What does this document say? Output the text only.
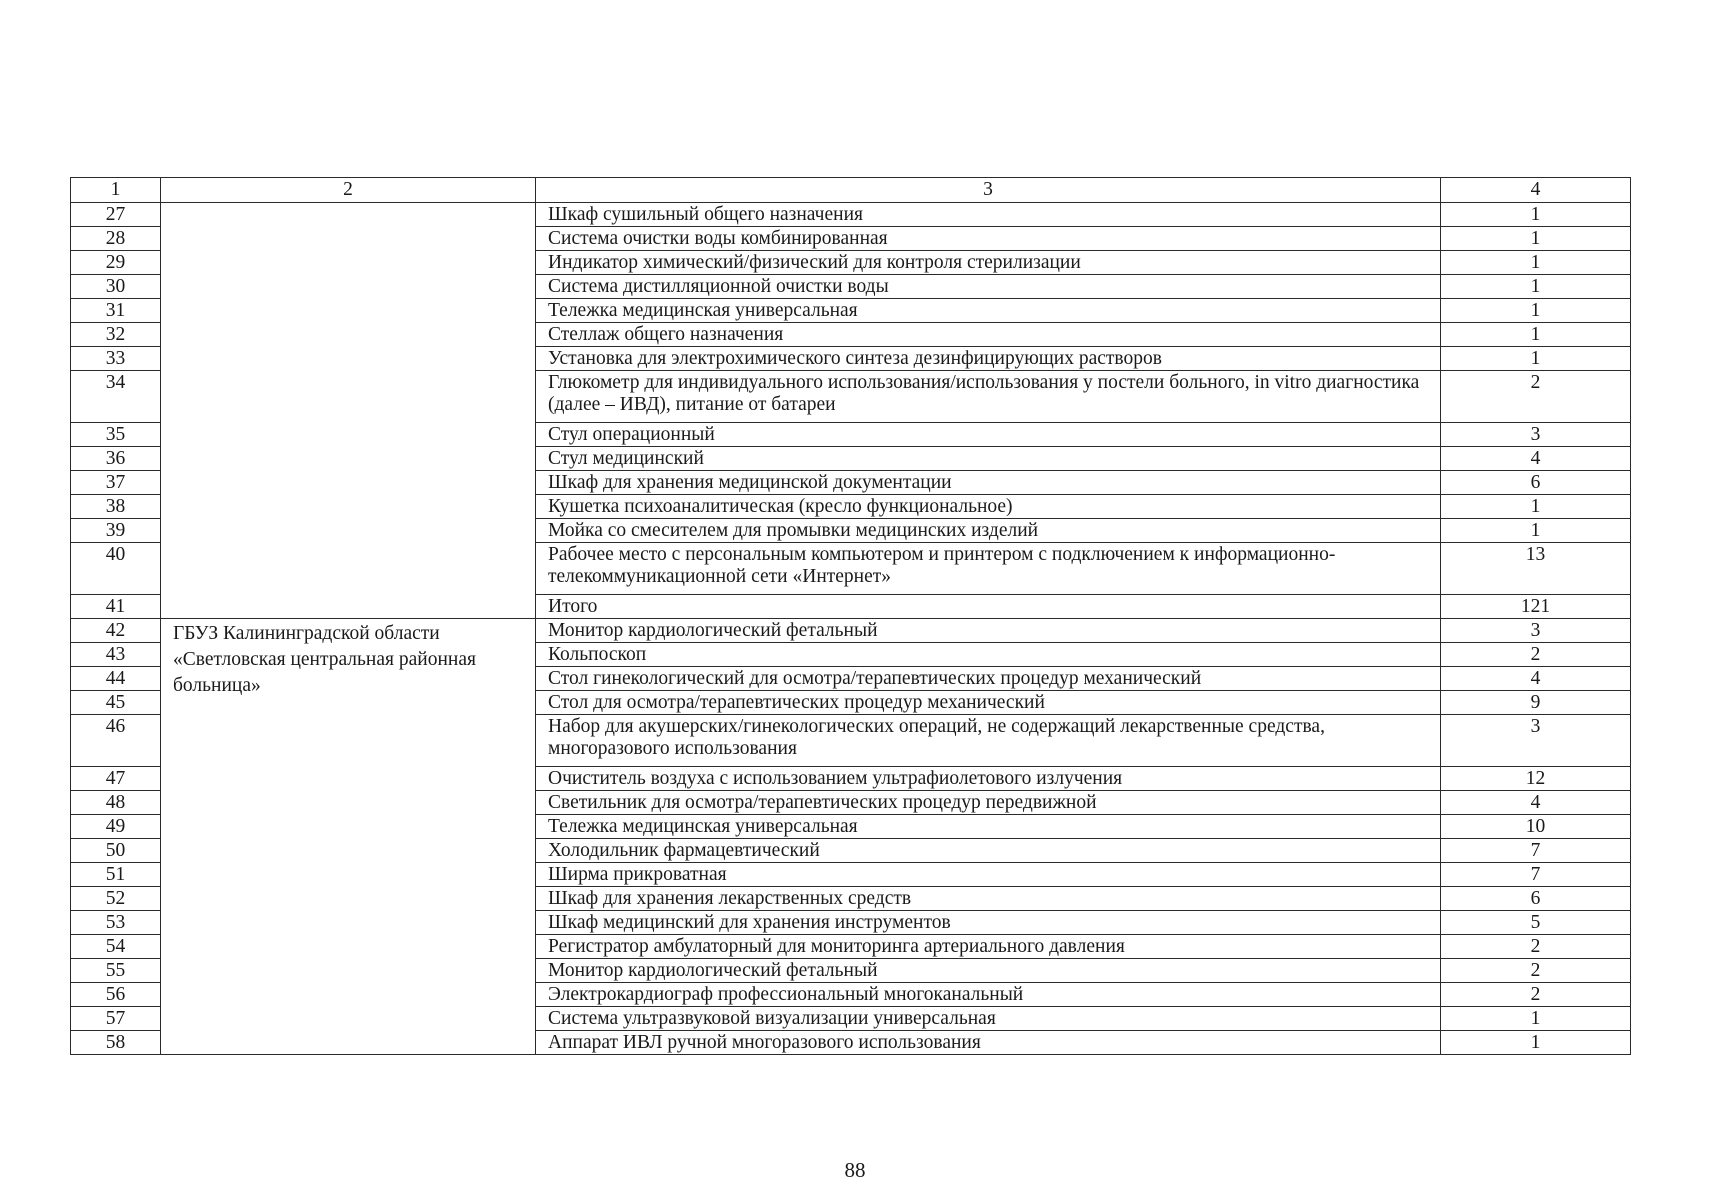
1	2	3	4
27		Шкаф сушильный общего назначения	1
28		Система очистки воды комбинированная	1
29		Индикатор химический/физический для контроля стерилизации	1
30		Система дистилляционной очистки воды	1
31		Тележка медицинская универсальная	1
32		Стеллаж общего назначения	1
33		Установка для электрохимического синтеза дезинфицирующих растворов	1
34		Глюкометр для индивидуального использования/использования у постели больного, in vitro диагностика (далее – ИВД), питание от батареи	2
35		Стул операционный	3
36		Стул медицинский	4
37		Шкаф для хранения медицинской документации	6
38		Кушетка психоаналитическая (кресло функциональное)	1
39		Мойка со смесителем для промывки медицинских изделий	1
40		Рабочее место с персональным компьютером и принтером с подключением к информационно-телекоммуникационной сети «Интернет»	13
41		Итого	121
42	ГБУЗ Калининградской области «Светловская центральная районная больница»	Монитор кардиологический фетальный	3
43		Кольпоскоп	2
44		Стол гинекологический для осмотра/терапевтических процедур механический	4
45		Стол для осмотра/терапевтических процедур механический	9
46		Набор для акушерских/гинекологических операций, не содержащий лекарственные средства, многоразового использования	3
47		Очиститель воздуха с использованием ультрафиолетового излучения	12
48		Светильник для осмотра/терапевтических процедур передвижной	4
49		Тележка медицинская универсальная	10
50		Холодильник фармацевтический	7
51		Ширма прикроватная	7
52		Шкаф для хранения лекарственных средств	6
53		Шкаф медицинский для хранения инструментов	5
54		Регистратор амбулаторный для мониторинга артериального давления	2
55		Монитор кардиологический фетальный	2
56		Электрокардиограф профессиональный многоканальный	2
57		Система ультразвуковой визуализации универсальная	1
58		Аппарат ИВЛ ручной многоразового использования	1
88
